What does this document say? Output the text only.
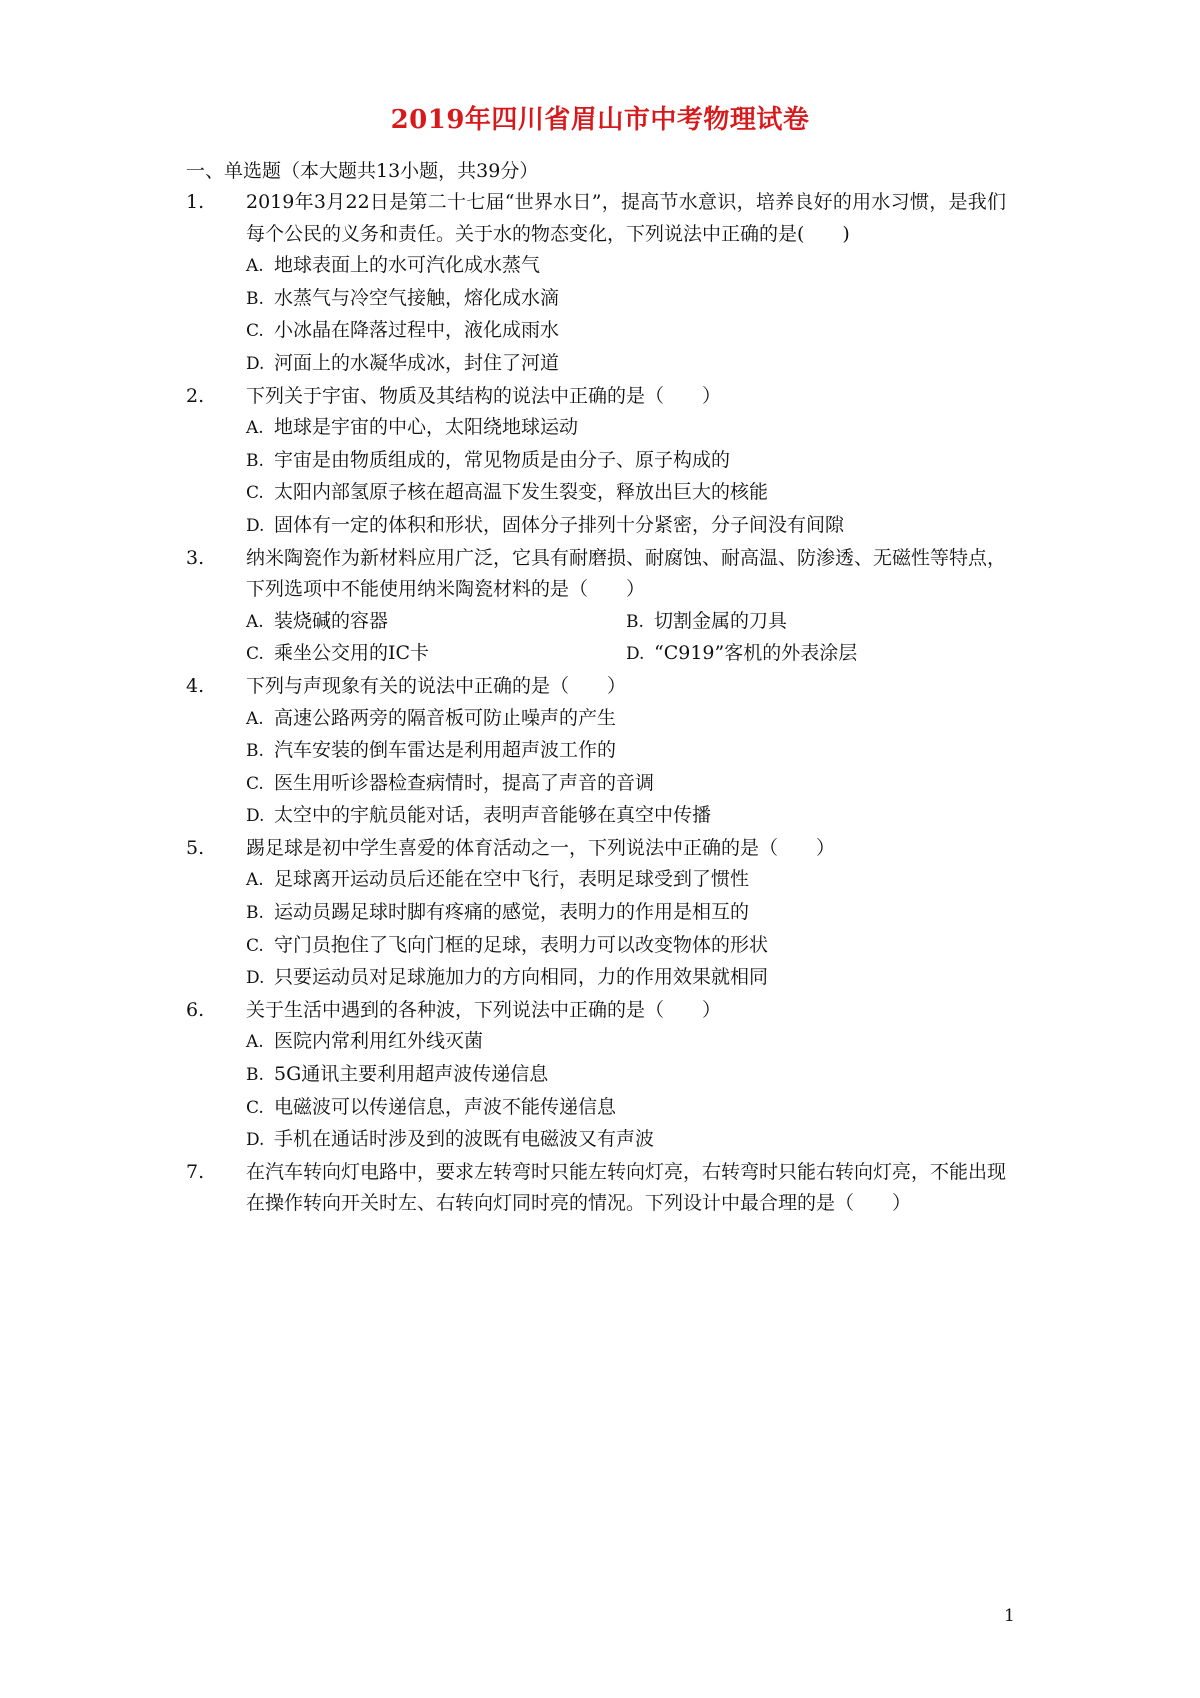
2019年四川省眉山市中考物理试卷
一、单选题（本大题共13小题，共39分）
1.	2019年3月22日是第二十七届“世界水日”，提高节水意识，培养良好的用水习惯，是我们每个公民的义务和责任。关于水的物态变化，下列说法中正确的是(　　)
A. 地球表面上的水可汽化成水蒸气
B. 水蒸气与冷空气接触，熔化成水滴
C. 小冰晶在降落过程中，液化成雨水
D. 河面上的水凝华成冰，封住了河道
2.	下列关于宇宙、物质及其结构的说法中正确的是（　　）
A. 地球是宇宙的中心，太阳绕地球运动
B. 宇宙是由物质组成的，常见物质是由分子、原子构成的
C. 太阳内部氢原子核在超高温下发生裂变，释放出巨大的核能
D. 固体有一定的体积和形状，固体分子排列十分紧密，分子间没有间隙
3.	纳米陶瓷作为新材料应用广泛，它具有耐磨损、耐腐蚀、耐高温、防渗透、无磁性等特点，下列选项中不能使用纳米陶瓷材料的是（　　）
A. 装烧碱的容器	B. 切割金属的刀具 C. 乘坐公交用的IC卡	D. “C919”客机的外表涂层
4.	下列与声现象有关的说法中正确的是（　　）
A. 高速公路两旁的隔音板可防止噪声的产生
B. 汽车安装的倒车雷达是利用超声波工作的
C. 医生用听诊器检查病情时，提高了声音的音调
D. 太空中的宇航员能对话，表明声音能够在真空中传播
5.	踢足球是初中学生喜爱的体育活动之一，下列说法中正确的是（　　）
A. 足球离开运动员后还能在空中飞行，表明足球受到了惯性
B. 运动员踢足球时脚有疼痛的感觉，表明力的作用是相互的
C. 守门员抱住了飞向门框的足球，表明力可以改变物体的形状
D. 只要运动员对足球施加力的方向相同，力的作用效果就相同
6.	关于生活中遇到的各种波，下列说法中正确的是（　　）
A. 医院内常利用红外线灭菌
B. 5G通讯主要利用超声波传递信息
C. 电磁波可以传递信息，声波不能传递信息
D. 手机在通话时涉及到的波既有电磁波又有声波
7.	在汽车转向灯电路中，要求左转弯时只能左转向灯亮，右转弯时只能右转向灯亮，不能出现在操作转向开关时左、右转向灯同时亮的情况。下列设计中最合理的是（　　）
1
